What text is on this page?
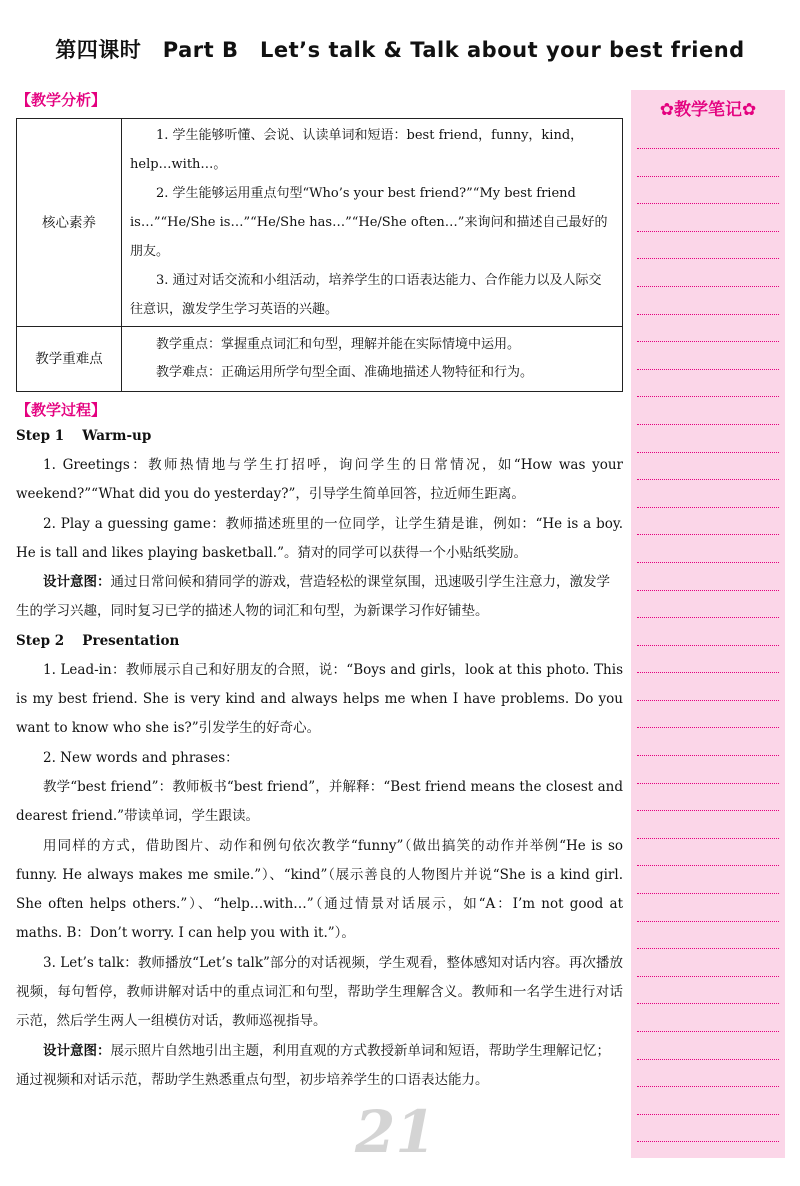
第四课时　Part B　Let’s talk & Talk about your best friend
【教学分析】
核心素养	1. 学生能够听懂、会说、认读单词和短语：best friend，funny，kind，help…with…。

2. 学生能够运用重点句型“Who’s your best friend?”“My best friend is…”“He/She is…”“He/She has…”“He/She often…”来询问和描述自己最好的朋友。

3. 通过对话交流和小组活动，培养学生的口语表达能力、合作能力以及人际交往意识，激发学生学习英语的兴趣。

教学重难点	教学重点：掌握重点词汇和句型，理解并能在实际情境中运用。

教学难点：正确运用所学句型全面、准确地描述人物特征和行为。

【教学过程】
Step 1　 Warm-up

1. Greetings：教师热情地与学生打招呼，询问学生的日常情况，如“How was your weekend?”“What did you do yesterday?”，引导学生简单回答，拉近师生距离。

2. Play a guessing game：教师描述班里的一位同学，让学生猜是谁，例如：“He is a boy. He is tall and likes playing basketball.”。猜对的同学可以获得一个小贴纸奖励。

设计意图：通过日常问候和猜同学的游戏，营造轻松的课堂氛围，迅速吸引学生注意力，激发学生的学习兴趣，同时复习已学的描述人物的词汇和句型，为新课学习作好铺垫。

Step 2　 Presentation

1. Lead-in：教师展示自己和好朋友的合照，说：“Boys and girls，look at this photo. This is my best friend. She is very kind and always helps me when I have problems. Do you want to know who she is?”引发学生的好奇心。

2. New words and phrases：

教学“best friend”：教师板书“best friend”，并解释：“Best friend means the closest and dearest friend.”带读单词，学生跟读。

用同样的方式，借助图片、动作和例句依次教学“funny”（做出搞笑的动作并举例“He is so funny. He always makes me smile.”）、“kind”（展示善良的人物图片并说“She is a kind girl. She often helps others.”）、“help…with…”（通过情景对话展示，如“A：I’m not good at maths. B：Don’t worry. I can help you with it.”）。

3. Let’s talk：教师播放“Let’s talk”部分的对话视频，学生观看，整体感知对话内容。再次播放视频，每句暂停，教师讲解对话中的重点词汇和句型，帮助学生理解含义。教师和一名学生进行对话示范，然后学生两人一组模仿对话，教师巡视指导。

设计意图：展示照片自然地引出主题，利用直观的方式教授新单词和短语，帮助学生理解记忆；通过视频和对话示范，帮助学生熟悉重点句型，初步培养学生的口语表达能力。

✿教学笔记✿
21
